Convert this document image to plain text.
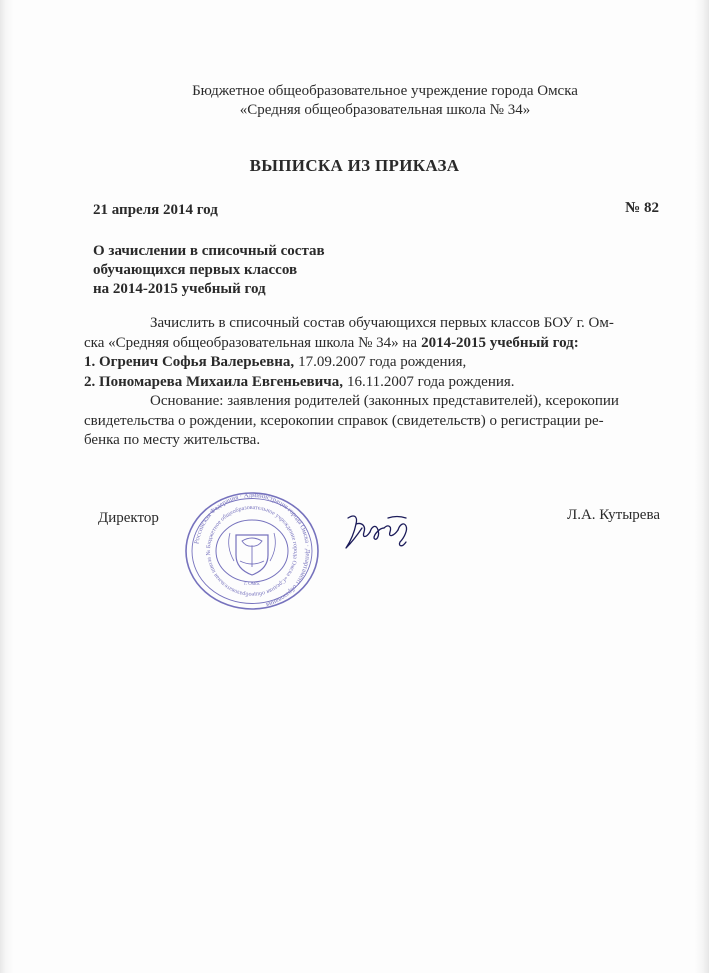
Бюджетное общеобразовательное учреждение города Омска
«Средняя общеобразовательная школа № 34»
ВЫПИСКА ИЗ ПРИКАЗА
21 апреля 2014 год	№ 82
О зачислении в списочный состав
обучающихся первых классов
на 2014-2015 учебный год
Зачислить в списочный состав обучающихся первых классов БОУ г. Ом-
ска «Средняя общеобразовательная школа № 34» на 2014-2015 учебный год:
1. Огренич Софья Валерьевна, 17.09.2007 года рождения,
2. Пономарева Михаила Евгеньевича, 16.11.2007 года рождения.
Основание: заявления родителей (законных представителей), ксерокопии
свидетельства о рождении, ксерокопии справок (свидетельств) о регистрации ре-
бенка по месту жительства.
Директор	Л.А. Кутырева
Российская Федерация · Администрация города Омска · Департамент образования
Бюджетное общеобразовательное учреждение города Омска «Средняя общеобразовательная школа №
г. Омск
